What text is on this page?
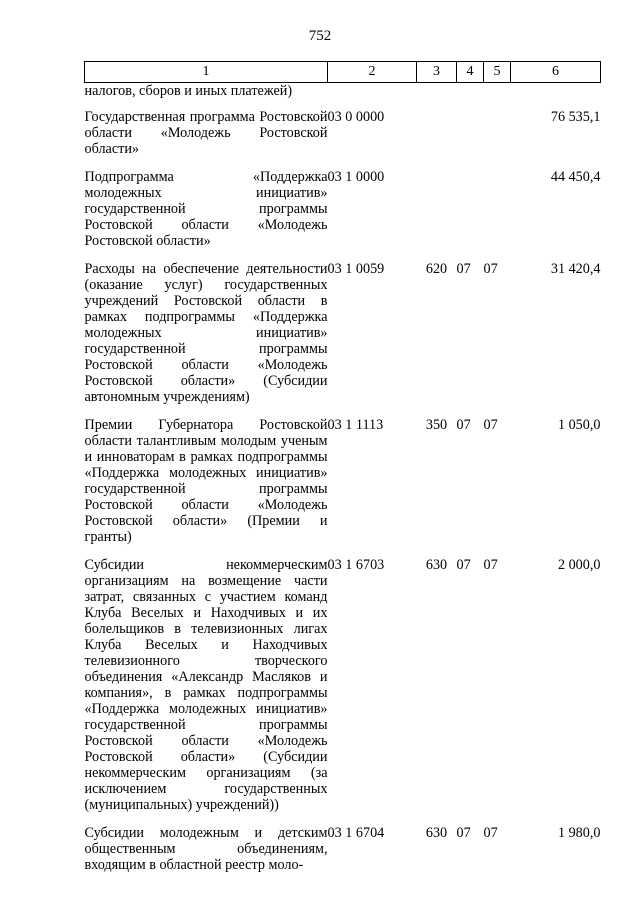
752
1	2	3	4	5	6
налогов, сборов и иных платежей)					
Государственная программа Ростовской области «Молодежь Ростовской области»	03 0 0000				76 535,1
Подпрограмма «Поддержка молодежных инициатив» государственной программы Ростовской области «Молодежь Ростовской области»	03 1 0000				44 450,4
Расходы на обеспечение деятельности (оказание услуг) государственных учреждений Ростовской области в рамках подпрограммы «Поддержка молодежных инициатив» государственной программы Ростовской области «Молодежь Ростовской области» (Субсидии автономным учреждениям)	03 1 0059	620	07	07	31 420,4
Премии Губернатора Ростовской области талантливым молодым ученым и инноваторам в рамках подпрограммы «Поддержка молодежных инициатив» государственной программы Ростовской области «Молодежь Ростовской области» (Премии и гранты)	03 1 1113	350	07	07	1 050,0
Субсидии некоммерческим организациям на возмещение части затрат, связанных с участием команд Клуба Веселых и Находчивых и их болельщиков в телевизионных лигах Клуба Веселых и Находчивых телевизионного творческого объединения «Александр Масляков и компания», в рамках подпрограммы «Поддержка молодежных инициатив» государственной программы Ростовской области «Молодежь Ростовской области» (Субсидии некоммерческим организациям (за исключением государственных (муниципальных) учреждений))	03 1 6703	630	07	07	2 000,0
Субсидии молодежным и детским общественным объединениям, входящим в областной реестр моло-	03 1 6704	630	07	07	1 980,0
